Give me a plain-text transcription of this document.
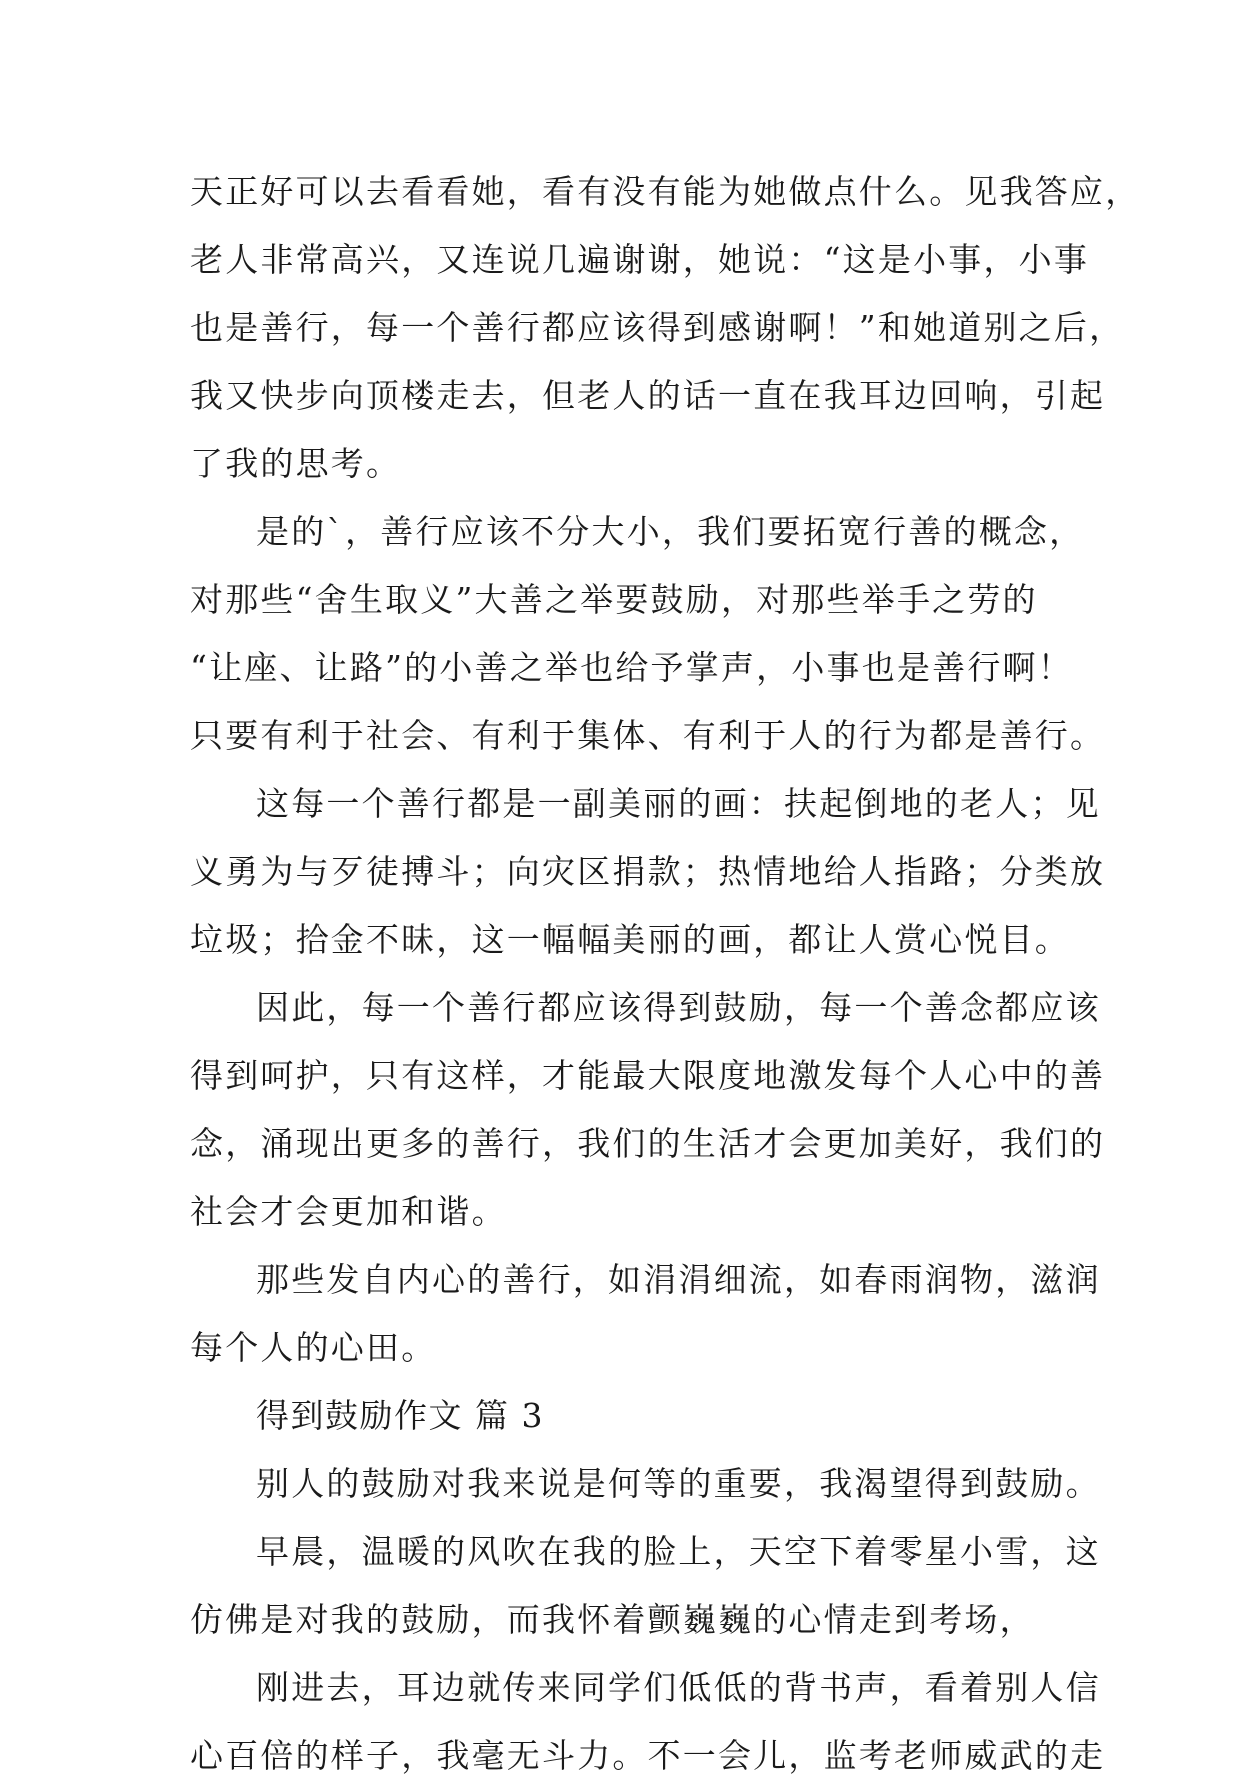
天正好可以去看看她，看有没有能为她做点什么。见我答应，
老人非常高兴，又连说几遍谢谢，她说：“这是小事，小事
也是善行，每一个善行都应该得到感谢啊！”和她道别之后，
我又快步向顶楼走去，但老人的话一直在我耳边回响，引起
了我的思考。
是的`，善行应该不分大小，我们要拓宽行善的概念，
对那些“舍生取义”大善之举要鼓励，对那些举手之劳的
“让座、让路”的小善之举也给予掌声，小事也是善行啊！
只要有利于社会、有利于集体、有利于人的行为都是善行。
这每一个善行都是一副美丽的画：扶起倒地的老人；见
义勇为与歹徒搏斗；向灾区捐款；热情地给人指路；分类放
垃圾；拾金不昧，这一幅幅美丽的画，都让人赏心悦目。
因此，每一个善行都应该得到鼓励，每一个善念都应该
得到呵护，只有这样，才能最大限度地激发每个人心中的善
念，涌现出更多的善行，我们的生活才会更加美好，我们的
社会才会更加和谐。
那些发自内心的善行，如涓涓细流，如春雨润物，滋润
每个人的心田。
得到鼓励作文 篇 3
别人的鼓励对我来说是何等的重要，我渴望得到鼓励。
早晨，温暖的风吹在我的脸上，天空下着零星小雪，这
仿佛是对我的鼓励，而我怀着颤巍巍的心情走到考场，
刚进去，耳边就传来同学们低低的背书声，看着别人信
心百倍的样子，我毫无斗力。不一会儿，监考老师威武的走
